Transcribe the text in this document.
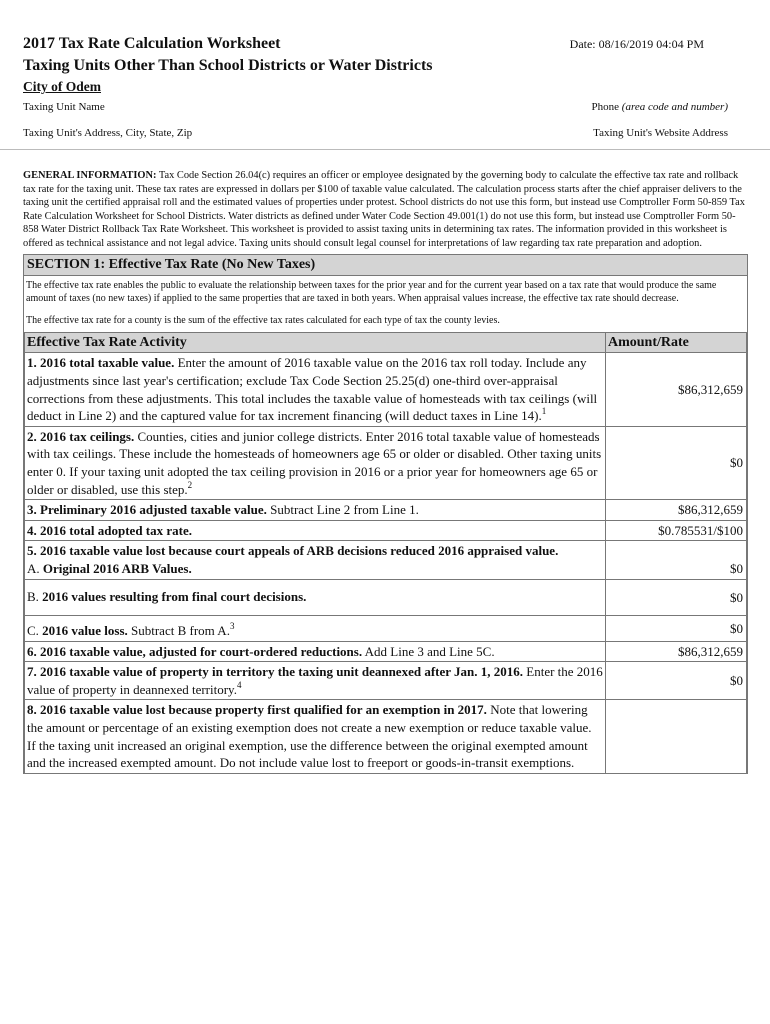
2017 Tax Rate Calculation Worksheet	Date: 08/16/2019 04:04 PM
Taxing Units Other Than School Districts or Water Districts
City of Odem
Taxing Unit Name	Phone (area code and number)
Taxing Unit's Address, City, State, Zip	Taxing Unit's Website Address
GENERAL INFORMATION: Tax Code Section 26.04(c) requires an officer or employee designated by the governing body to calculate the effective tax rate and rollback tax rate for the taxing unit. These tax rates are expressed in dollars per $100 of taxable value calculated. The calculation process starts after the chief appraiser delivers to the taxing unit the certified appraisal roll and the estimated values of properties under protest. School districts do not use this form, but instead use Comptroller Form 50-859 Tax Rate Calculation Worksheet for School Districts. Water districts as defined under Water Code Section 49.001(1) do not use this form, but instead use Comptroller Form 50-858 Water District Rollback Tax Rate Worksheet. This worksheet is provided to assist taxing units in determining tax rates. The information provided in this worksheet is offered as technical assistance and not legal advice. Taxing units should consult legal counsel for interpretations of law regarding tax rate preparation and adoption.
SECTION 1: Effective Tax Rate (No New Taxes)

The effective tax rate enables the public to evaluate the relationship between taxes for the prior year and for the current year based on a tax rate that would produce the same amount of taxes (no new taxes) if applied to the same properties that are taxed in both years. When appraisal values increase, the effective tax rate should decrease.

The effective tax rate for a county is the sum of the effective tax rates calculated for each type of tax the county levies.

Effective Tax Rate Activity	Amount/Rate
1. 2016 total taxable value. Enter the amount of 2016 taxable value on the 2016 tax roll today. Include any adjustments since last year's certification; exclude Tax Code Section 25.25(d) one-third over-appraisal corrections from these adjustments. This total includes the taxable value of homesteads with tax ceilings (will deduct in Line 2) and the captured value for tax increment financing (will deduct taxes in Line 14).$^1$	$86,312,659
2. 2016 tax ceilings. Counties, cities and junior college districts. Enter 2016 total taxable value of homesteads with tax ceilings. These include the homesteads of homeowners age 65 or older or disabled. Other taxing units enter 0. If your taxing unit adopted the tax ceiling provision in 2016 or a prior year for homeowners age 65 or older or disabled, use this step.$^2$	$0
3. Preliminary 2016 adjusted taxable value. Subtract Line 2 from Line 1.	$86,312,659
4. 2016 total adopted tax rate.	$0.785531/$100

5. 2016 taxable value lost because court appeals of ARB decisions reduced 2016 appraised value.
A. Original 2016 ARB Values.	$0
B. 2016 values resulting from final court decisions.	$0
C. 2016 value loss. Subtract B from A.$^3$	$0
6. 2016 taxable value, adjusted for court-ordered reductions. Add Line 3 and Line 5C.	$86,312,659
7. 2016 taxable value of property in territory the taxing unit deannexed after Jan. 1, 2016. Enter the 2016 value of property in deannexed territory.$^4$	$0
8. 2016 taxable value lost because property first qualified for an exemption in 2017. Note that lowering the amount or percentage of an existing exemption does not create a new exemption or reduce taxable value. If the taxing unit increased an original exemption, use the difference between the original exempted amount and the increased exempted amount. Do not include value lost to freeport or goods-in-transit exemptions.	
